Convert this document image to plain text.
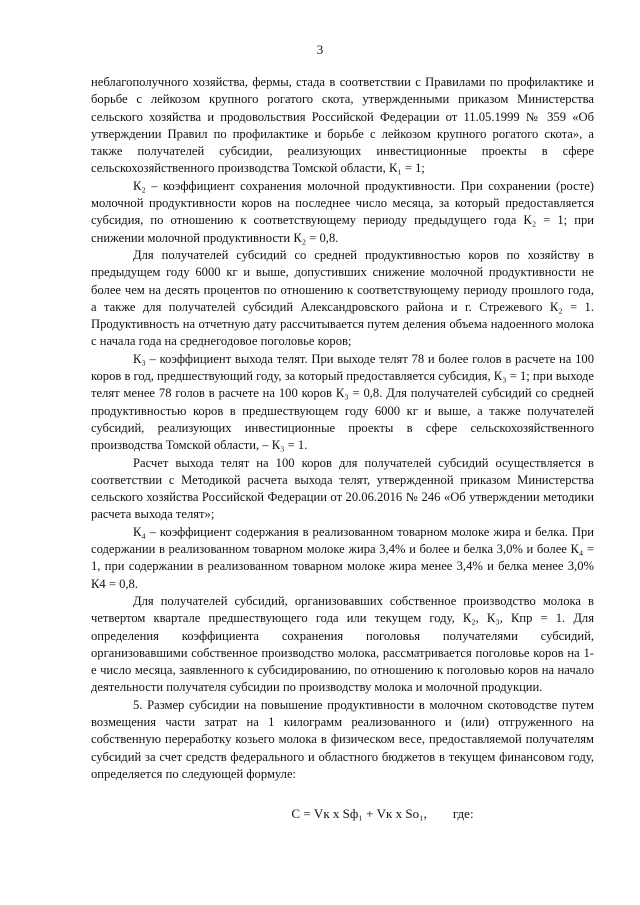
3

неблагополучного хозяйства, фермы, стада в соответствии с Правилами по профилактике и борьбе с лейкозом крупного рогатого скота, утвержденными приказом Министерства сельского хозяйства и продовольствия Российской Федерации от 11.05.1999 № 359 «Об утверждении Правил по профилактике и борьбе с лейкозом крупного рогатого скота», а также получателей субсидии, реализующих инвестиционные проекты в сфере сельскохозяйственного производства Томской области, К₁ = 1;

К₂ – коэффициент сохранения молочной продуктивности. При сохранении (росте) молочной продуктивности коров на последнее число месяца, за который предоставляется субсидия, по отношению к соответствующему периоду предыдущего года К₂ = 1; при снижении молочной продуктивности К₂ = 0,8.

Для получателей субсидий со средней продуктивностью коров по хозяйству в предыдущем году 6000 кг и выше, допустивших снижение молочной продуктивности не более чем на десять процентов по отношению к соответствующему периоду прошлого года, а также для получателей субсидий Александровского района и г. Стрежевого К₂ = 1. Продуктивность на отчетную дату рассчитывается путем деления объема надоенного молока с начала года на среднегодовое поголовье коров;

К₃ – коэффициент выхода телят. При выходе телят 78 и более голов в расчете на 100 коров в год, предшествующий году, за который предоставляется субсидия, К₃ = 1; при выходе телят менее 78 голов в расчете на 100 коров К₃ = 0,8. Для получателей субсидий со средней продуктивностью коров в предшествующем году 6000 кг и выше, а также получателей субсидий, реализующих инвестиционные проекты в сфере сельскохозяйственного производства Томской области, – К₃ = 1.

Расчет выхода телят на 100 коров для получателей субсидий осуществляется в соответствии с Методикой расчета выхода телят, утвержденной приказом Министерства сельского хозяйства Российской Федерации от 20.06.2016 № 246 «Об утверждении методики расчета выхода телят»;

К₄ – коэффициент содержания в реализованном товарном молоке жира и белка. При содержании в реализованном товарном молоке жира 3,4% и более и белка 3,0% и более К₄ = 1, при содержании в реализованном товарном молоке жира менее 3,4% и белка менее 3,0% К4 = 0,8.

Для получателей субсидий, организовавших собственное производство молока в четвертом квартале предшествующего года или текущем году, К₂, К₃, Кпр = 1. Для определения коэффициента сохранения поголовья получателями субсидий, организовавшими собственное производство молока, рассматривается поголовье коров на 1-е число месяца, заявленного к субсидированию, по отношению к поголовью коров на начало деятельности получателя субсидии по производству молока и молочной продукции.

5. Размер субсидии на повышение продуктивности в молочном скотоводстве путем возмещения части затрат на 1 килограмм реализованного и (или) отгруженного на собственную переработку козьего молока в физическом весе, предоставляемой получателям субсидий за счет средств федерального и областного бюджетов в текущем финансовом году, определяется по следующей формуле:

С = Vк x Sф₁ + Vк x So₁, где:
